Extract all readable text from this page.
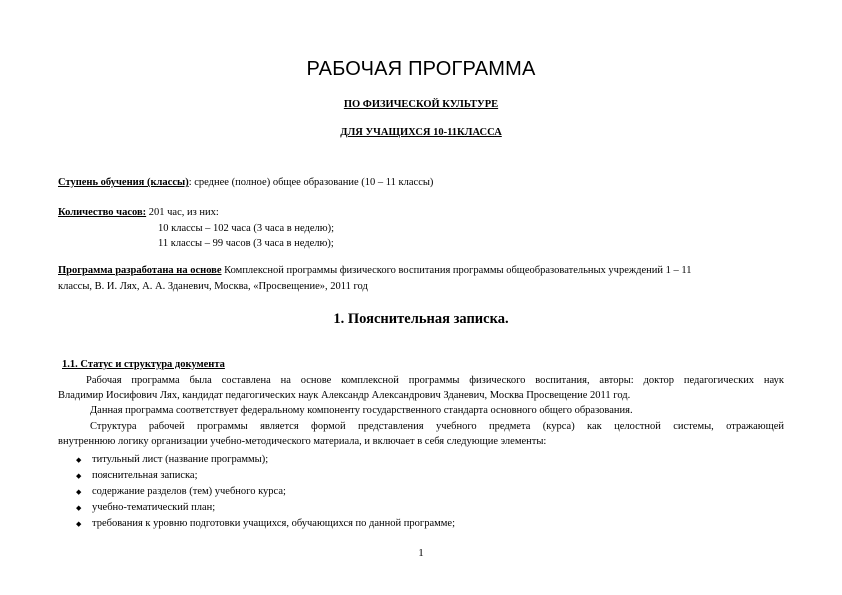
РАБОЧАЯ ПРОГРАММА
ПО ФИЗИЧЕСКОЙ КУЛЬТУРЕ
ДЛЯ УЧАЩИХСЯ 10-11КЛАССА
Ступень обучения (классы): среднее (полное) общее образование (10 – 11 классы)
Количество часов: 201 час, из них:
10 классы – 102 часа (3 часа в неделю);
11 классы – 99 часов (3 часа в неделю);
Программа разработана на основе Комплексной программы физического воспитания программы общеобразовательных учреждений 1 – 11
классы, В. И. Лях, А. А. Зданевич, Москва, «Просвещение», 2011 год
1. Пояснительная записка.
1.1. Статус и структура документа
Рабочая программа была составлена на основе комплексной программы физического воспитания, авторы: доктор педагогических наук
Владимир Иосифович Лях, кандидат педагогических наук Александр Александрович Зданевич, Москва Просвещение 2011 год.
Данная программа соответствует федеральному компоненту государственного стандарта основного общего образования.
Структура рабочей программы является формой представления учебного предмета (курса) как целостной системы, отражающей
внутреннюю логику организации учебно-методического материала, и включает в себя следующие элементы:
◆ титульный лист (название программы);
◆ пояснительная записка;
◆ содержание разделов (тем) учебного курса;
◆ учебно-тематический план;
◆ требования к уровню подготовки учащихся, обучающихся по данной программе;
1
